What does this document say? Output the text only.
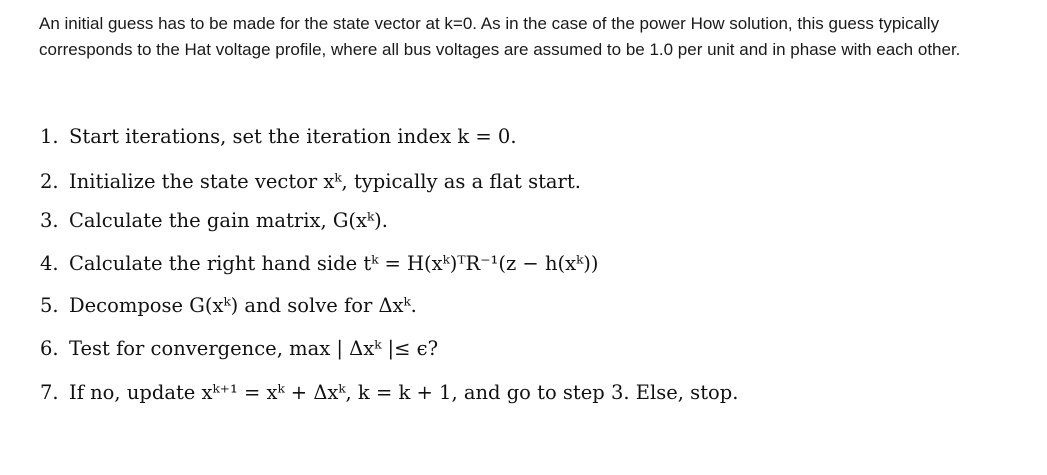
An initial guess has to be made for the state vector at k=0. As in the case of the power How solution, this guess typically corresponds to the Hat voltage profile, where all bus voltages are assumed to be 1.0 per unit and in phase with each other.

1. Start iterations, set the iteration index k = 0.
2. Initialize the state vector xᵏ, typically as a flat start.
3. Calculate the gain matrix, G(xᵏ).
4. Calculate the right hand side tᵏ = H(xᵏ)ᵀR⁻¹(z − h(xᵏ))
5. Decompose G(xᵏ) and solve for Δxᵏ.
6. Test for convergence, max | Δxᵏ |≤ ϵ?
7. If no, update xᵏ⁺¹ = xᵏ + Δxᵏ, k = k + 1, and go to step 3. Else, stop.
